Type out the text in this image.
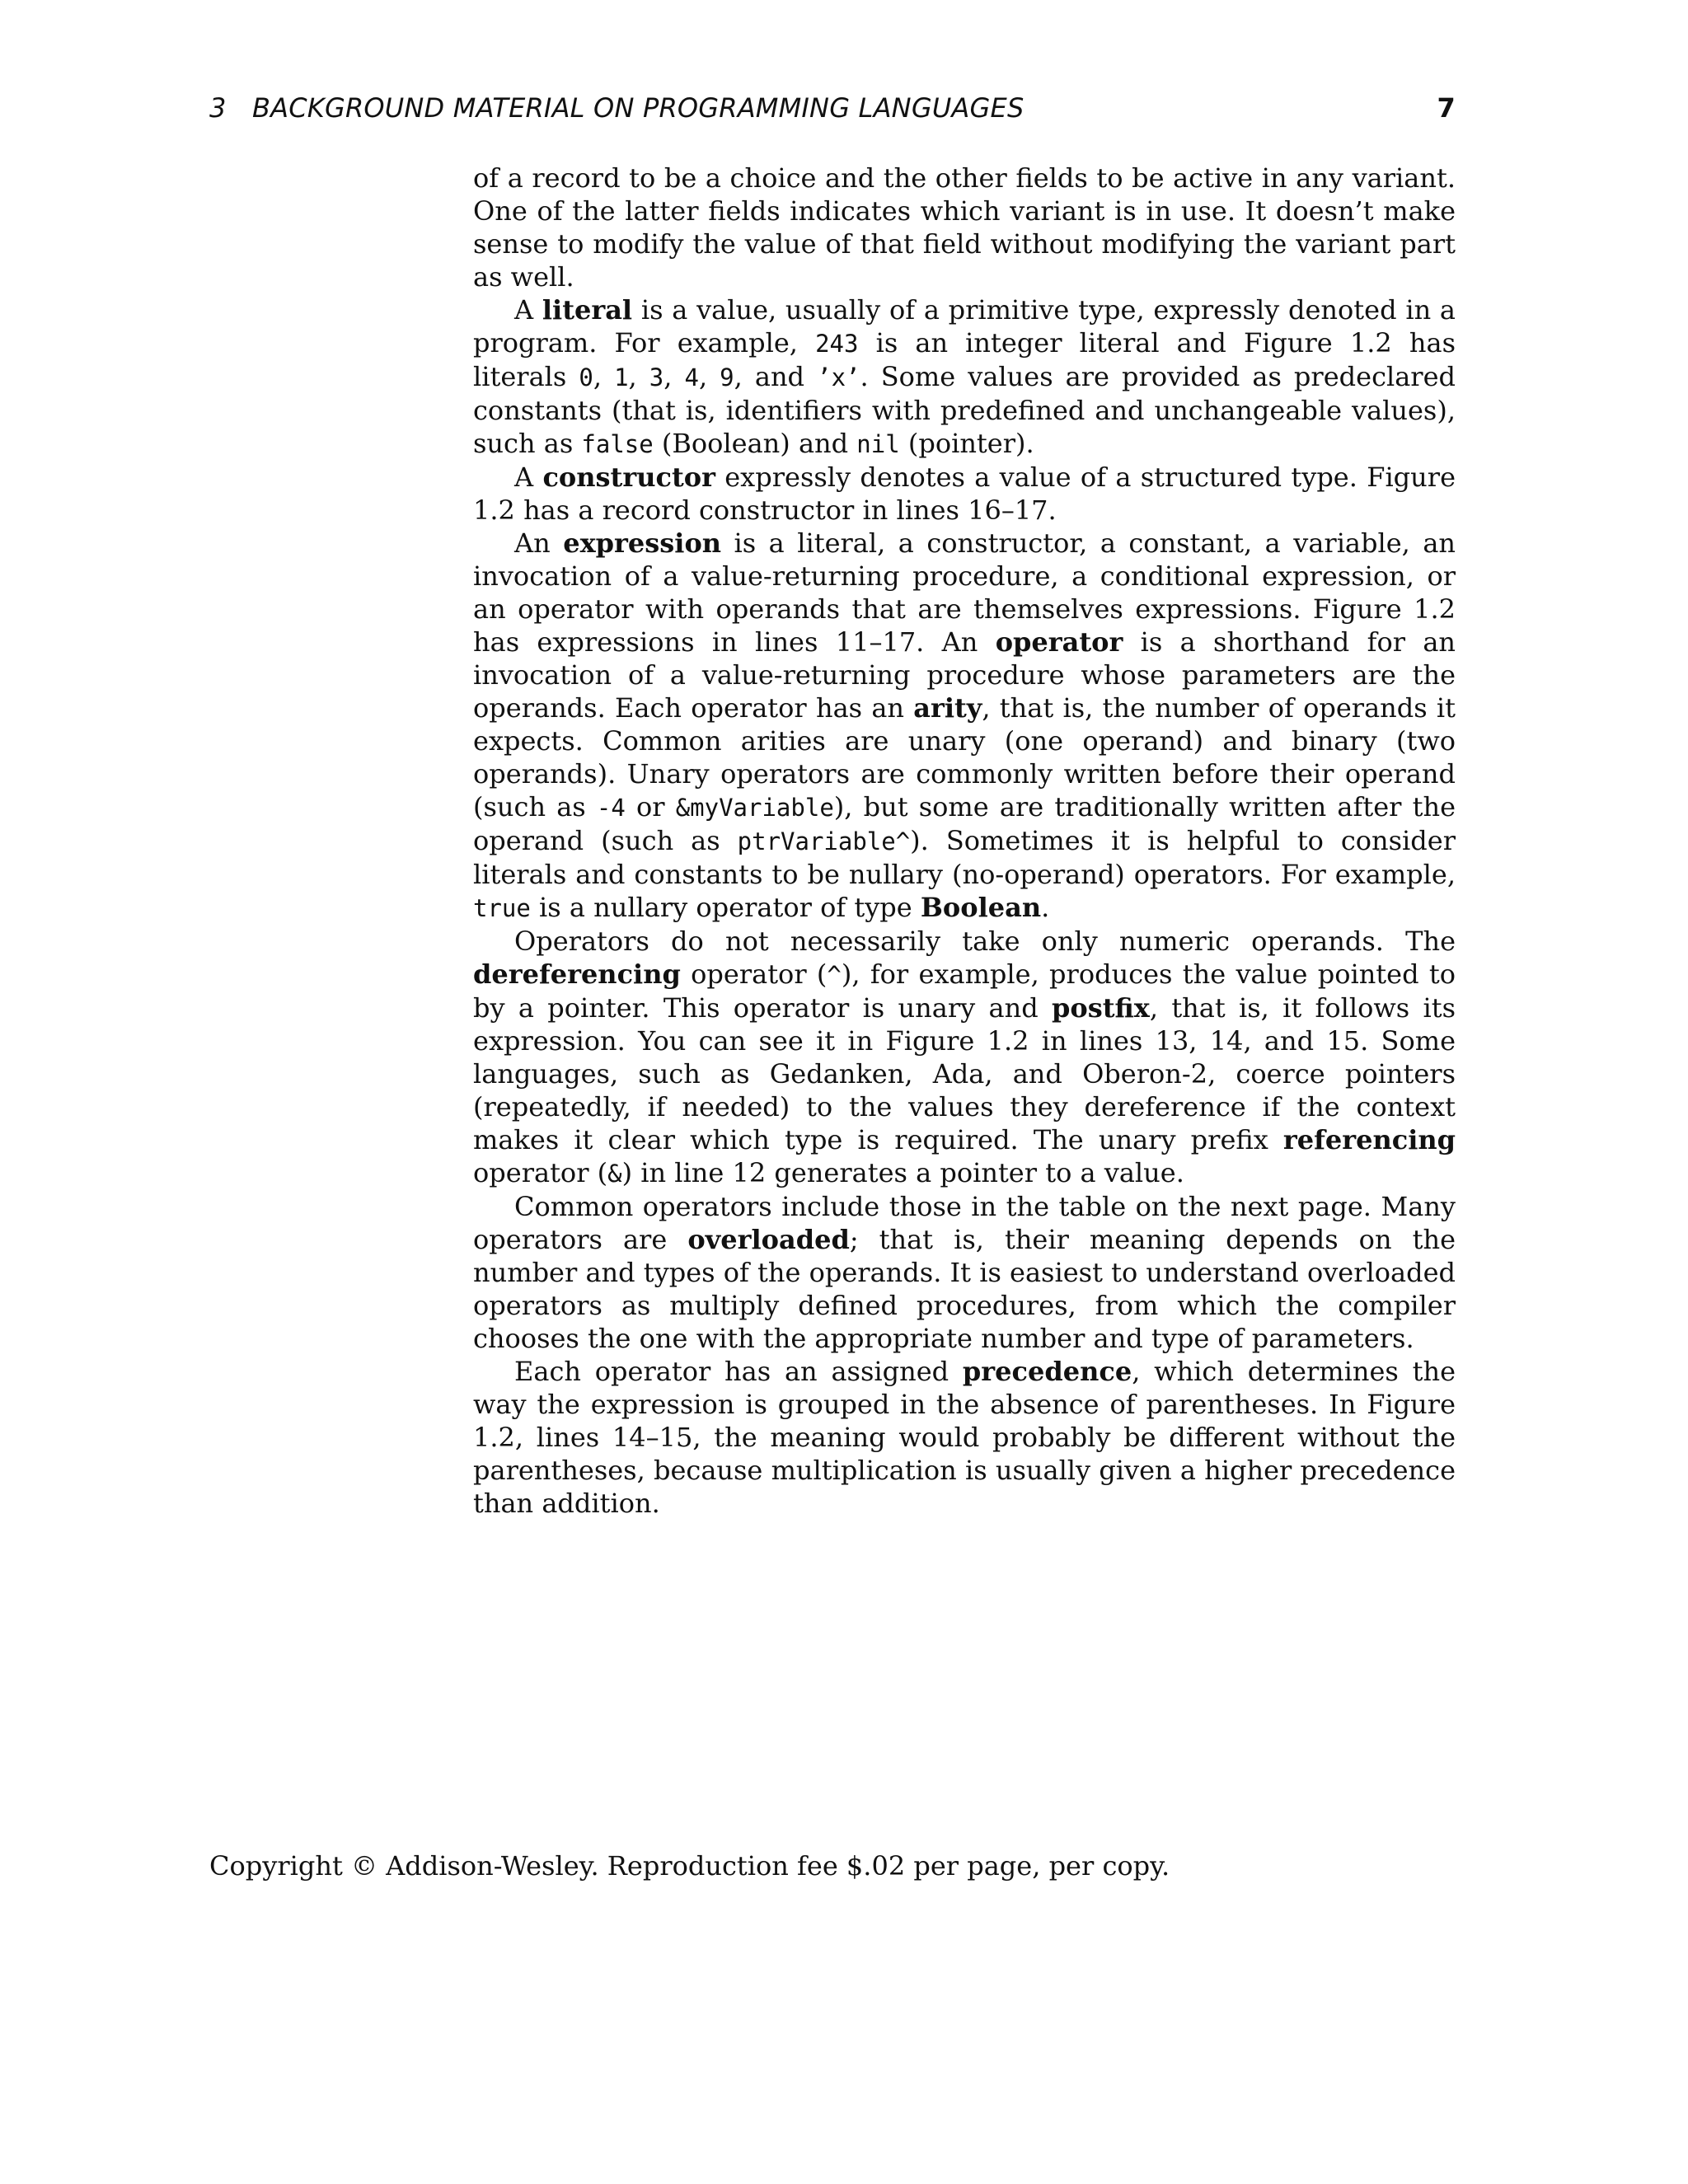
3 BACKGROUND MATERIAL ON PROGRAMMING LANGUAGES	7

of a record to be a choice and the other fields to be active in any variant. One of the latter fields indicates which variant is in use. It doesn’t make sense to modify the value of that field without modifying the variant part as well.

A literal is a value, usually of a primitive type, expressly denoted in a program. For example, 243 is an integer literal and Figure 1.2 has literals 0, 1, 3, 4, 9, and ’x’. Some values are provided as predeclared constants (that is, identifiers with predefined and unchangeable values), such as false (Boolean) and nil (pointer).

A constructor expressly denotes a value of a structured type. Figure 1.2 has a record constructor in lines 16–17.

An expression is a literal, a constructor, a constant, a variable, an invocation of a value-returning procedure, a conditional expression, or an operator with operands that are themselves expressions. Figure 1.2 has expressions in lines 11–17. An operator is a shorthand for an invocation of a value-returning procedure whose parameters are the operands. Each operator has an arity, that is, the number of operands it expects. Common arities are unary (one operand) and binary (two operands). Unary operators are commonly written before their operand (such as -4 or &myVariable), but some are traditionally written after the operand (such as ptrVariable^). Sometimes it is helpful to consider literals and constants to be nullary (no-operand) operators. For example, true is a nullary operator of type Boolean.

Operators do not necessarily take only numeric operands. The dereferencing operator (^), for example, produces the value pointed to by a pointer. This operator is unary and postfix, that is, it follows its expression. You can see it in Figure 1.2 in lines 13, 14, and 15. Some languages, such as Gedanken, Ada, and Oberon-2, coerce pointers (repeatedly, if needed) to the values they dereference if the context makes it clear which type is required. The unary prefix referencing operator (&) in line 12 generates a pointer to a value.

Common operators include those in the table on the next page. Many operators are overloaded; that is, their meaning depends on the number and types of the operands. It is easiest to understand overloaded operators as multiply defined procedures, from which the compiler chooses the one with the appropriate number and type of parameters.

Each operator has an assigned precedence, which determines the way the expression is grouped in the absence of parentheses. In Figure 1.2, lines 14–15, the meaning would probably be different without the parentheses, because multiplication is usually given a higher precedence than addition.

Copyright © Addison-Wesley. Reproduction fee $.02 per page, per copy.
